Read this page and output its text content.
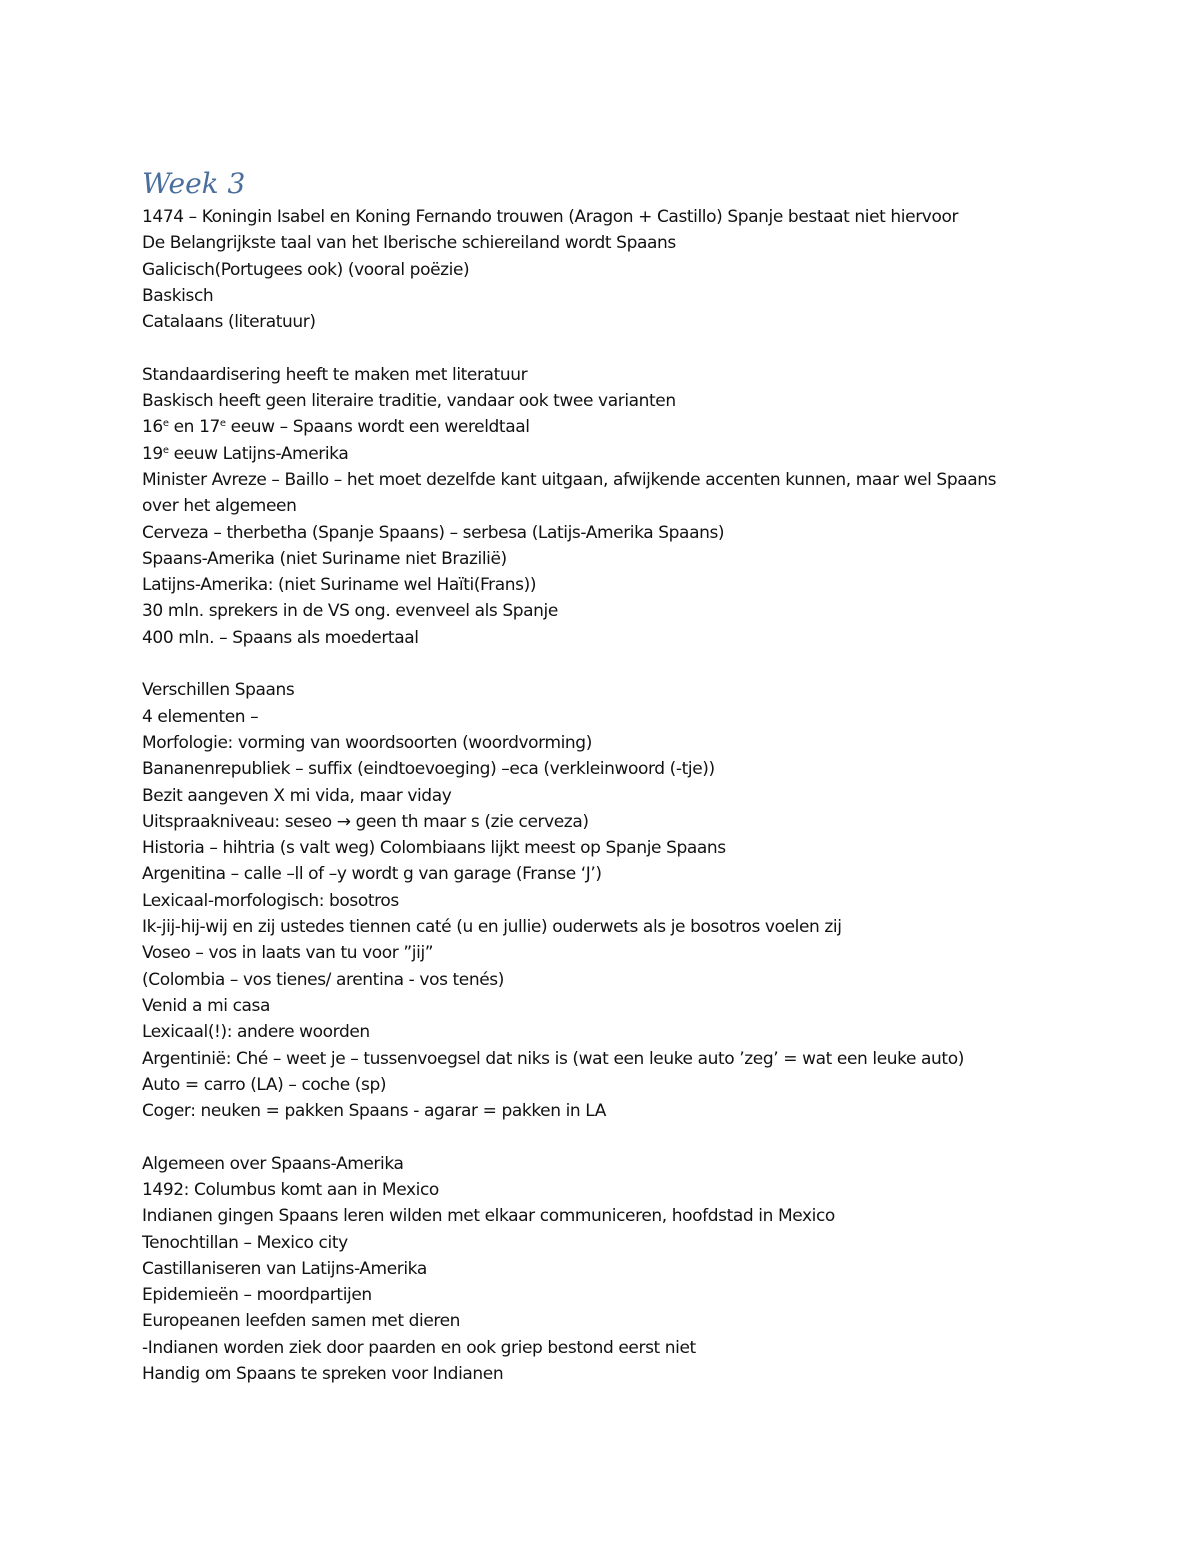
Week 3
1474 – Koningin Isabel en Koning Fernando trouwen (Aragon + Castillo) Spanje bestaat niet hiervoor
De Belangrijkste taal van het Iberische schiereiland wordt Spaans
Galicisch(Portugees ook) (vooral poëzie)
Baskisch
Catalaans (literatuur)
Standaardisering heeft te maken met literatuur
Baskisch heeft geen literaire traditie, vandaar ook twee varianten
16e en 17e eeuw – Spaans wordt een wereldtaal
19e eeuw Latijns-Amerika
Minister Avreze – Baillo – het moet dezelfde kant uitgaan, afwijkende accenten kunnen, maar wel Spaans
over het algemeen
Cerveza – therbetha (Spanje Spaans) – serbesa (Latijs-Amerika Spaans)
Spaans-Amerika (niet Suriname niet Brazilië)
Latijns-Amerika: (niet Suriname wel Haïti(Frans))
30 mln. sprekers in de VS ong. evenveel als Spanje
400 mln. – Spaans als moedertaal
Verschillen Spaans
4 elementen –
Morfologie: vorming van woordsoorten (woordvorming)
Bananenrepubliek – suffix (eindtoevoeging) –eca (verkleinwoord (-tje))
Bezit aangeven X mi vida, maar viday
Uitspraakniveau: seseo → geen th maar s (zie cerveza)
Historia – hihtria (s valt weg) Colombiaans lijkt meest op Spanje Spaans
Argenitina – calle –ll of –y wordt g van garage (Franse ‘J’)
Lexicaal-morfologisch: bosotros
Ik-jij-hij-wij en zij ustedes tiennen caté (u en jullie) ouderwets als je bosotros voelen zij
Voseo – vos in laats van tu voor ”jij”
(Colombia – vos tienes/ arentina - vos tenés)
Venid a mi casa
Lexicaal(!): andere woorden
Argentinië: Ché – weet je – tussenvoegsel dat niks is (wat een leuke auto ’zeg’ = wat een leuke auto)
Auto = carro (LA) – coche (sp)
Coger: neuken = pakken Spaans - agarar = pakken in LA
Algemeen over Spaans-Amerika
1492: Columbus komt aan in Mexico
Indianen gingen Spaans leren wilden met elkaar communiceren, hoofdstad in Mexico
Tenochtillan – Mexico city
Castillaniseren van Latijns-Amerika
Epidemieën – moordpartijen
Europeanen leefden samen met dieren
-Indianen worden ziek door paarden en ook griep bestond eerst niet
Handig om Spaans te spreken voor Indianen
